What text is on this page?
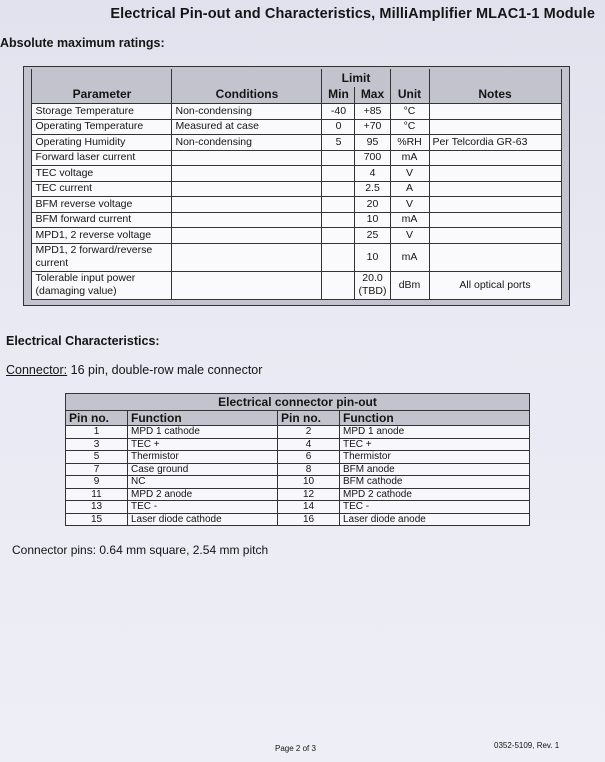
Electrical Pin-out and Characteristics, MilliAmplifier MLAC1-1 Module
Absolute maximum ratings:
Parameter	Conditions	Limit		Unit	Notes
		Min	Max		
Storage Temperature	Non-condensing	-40	+85	°C	
Operating Temperature	Measured at case	0	+70	°C	
Operating Humidity	Non-condensing	5	95	%RH	Per Telcordia GR-63
Forward laser current			700	mA	
TEC voltage			4	V	
TEC current			2.5	A	
BFM reverse voltage			20	V	
BFM forward current			10	mA	
MPD1, 2 reverse voltage			25	V	
MPD1, 2 forward/reverse current			10	mA	
Tolerable input power (damaging value)			20.0 (TBD)	dBm	All optical ports
Electrical Characteristics:
Connector: 16 pin, double-row male connector
Electrical connector pin-out			
Pin no.	Function	Pin no.	Function
1	MPD 1 cathode	2	MPD 1 anode
3	TEC +	4	TEC +
5	Thermistor	6	Thermistor
7	Case ground	8	BFM anode
9	NC	10	BFM cathode
11	MPD 2 anode	12	MPD 2 cathode
13	TEC -	14	TEC -
15	Laser diode cathode	16	Laser diode anode
Connector pins: 0.64 mm square, 2.54 mm pitch
Page 2 of 3	0352-5109, Rev. 1
